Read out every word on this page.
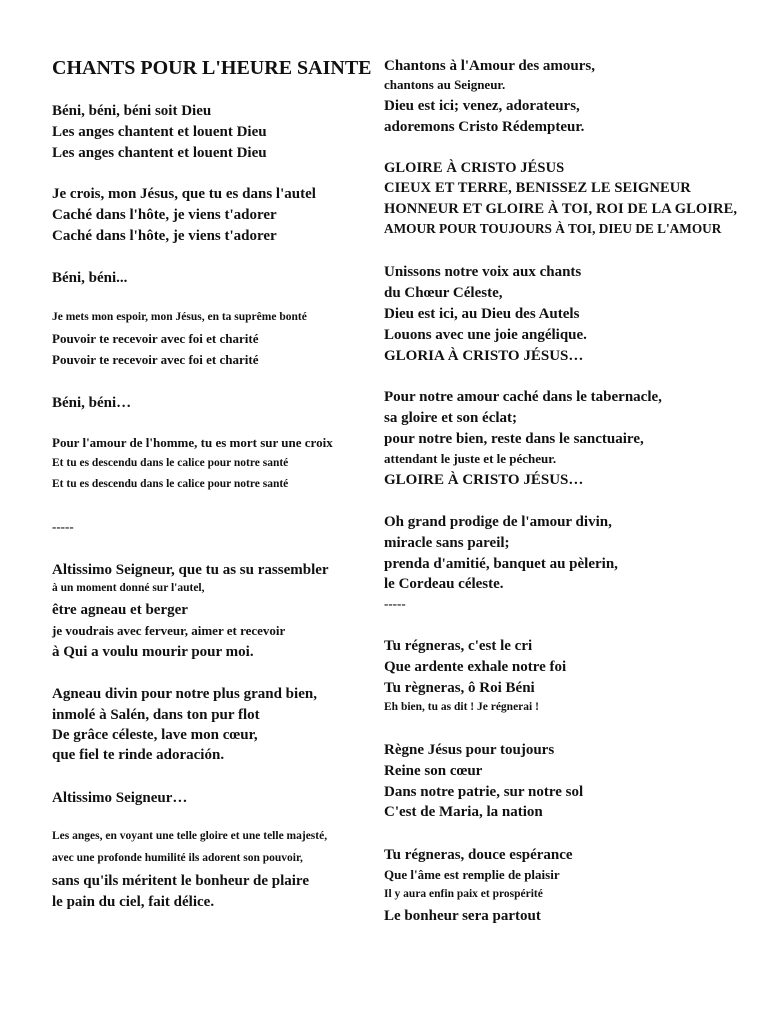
CHANTS POUR L'HEURE SAINTE
Béni, béni, béni soit Dieu
Les anges chantent et louent Dieu
Les anges chantent et louent Dieu
Je crois, mon Jésus, que tu es dans l'autel
Caché dans l'hôte, je viens t'adorer
Caché dans l'hôte, je viens t'adorer
Béni, béni...
Je mets mon espoir, mon Jésus, en ta suprême bonté
Pouvoir te recevoir avec foi et charité
Pouvoir te recevoir avec foi et charité
Béni, béni…
Pour l'amour de l'homme, tu es mort sur une croix
Et tu es descendu dans le calice pour notre santé
Et tu es descendu dans le calice pour notre santé
-----
Altissimo Seigneur, que tu as su rassembler
à un moment donné sur l'autel,
être agneau et berger
je voudrais avec ferveur, aimer et recevoir
à Qui a voulu mourir pour moi.
Agneau divin pour notre plus grand bien,
inmolé à Salén, dans ton pur flot
De grâce céleste, lave mon cœur,
que fiel te rinde adoración.
Altissimo Seigneur…
Les anges, en voyant une telle gloire et une telle majesté,
avec une profonde humilité ils adorent son pouvoir,
sans qu'ils méritent le bonheur de plaire
le pain du ciel, fait délice.
Chantons à l'Amour des amours,
chantons au Seigneur.
Dieu est ici; venez, adorateurs,
adoremons Cristo Rédempteur.
GLOIRE À CRISTO JÉSUS
CIEUX ET TERRE, BENISSEZ LE SEIGNEUR
HONNEUR ET GLOIRE À TOI, ROI DE LA GLOIRE,
AMOUR POUR TOUJOURS À TOI, DIEU DE L'AMOUR
Unissons notre voix aux chants
du Chœur Céleste,
Dieu est ici, au Dieu des Autels
Louons avec une joie angélique.
GLORIA À CRISTO JÉSUS…
Pour notre amour caché dans le tabernacle,
sa gloire et son éclat;
pour notre bien, reste dans le sanctuaire,
attendant le juste et le pécheur.
GLOIRE À CRISTO JÉSUS…
Oh grand prodige de l'amour divin,
miracle sans pareil;
prenda d'amitié, banquet au pèlerin,
le Cordeau céleste.
-----
Tu régneras, c'est le cri
Que ardente exhale notre foi
Tu règneras, ô Roi Béni
Eh bien, tu as dit ! Je régnerai !
Règne Jésus pour toujours
Reine son cœur
Dans notre patrie, sur notre sol
C'est de Maria, la nation
Tu régneras, douce espérance
Que l'âme est remplie de plaisir
Il y aura enfin paix et prospérité
Le bonheur sera partout
